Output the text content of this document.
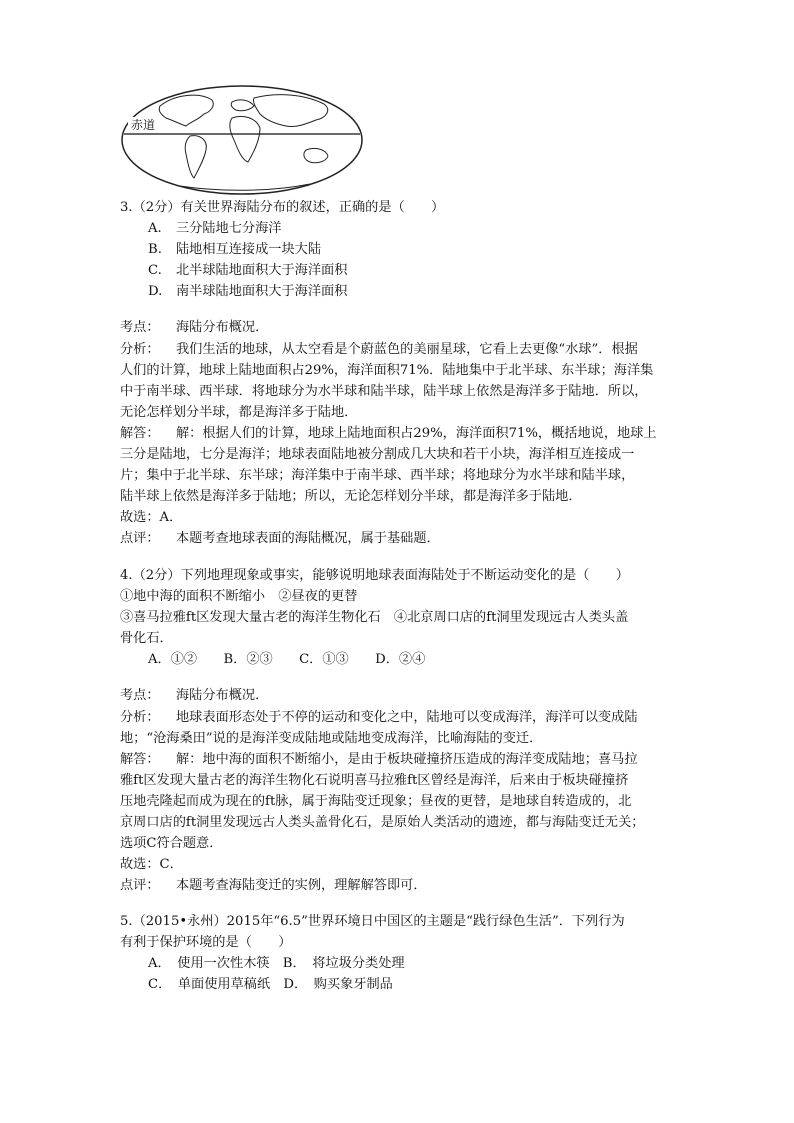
赤道
3.（2分）有关世界海陆分布的叙述，正确的是（　　）
A. 三分陆地七分海洋
B. 陆地相互连接成一块大陆
C. 北半球陆地面积大于海洋面积
D. 南半球陆地面积大于海洋面积
考点： 海陆分布概况．
分析： 我们生活的地球，从太空看是个蔚蓝色的美丽星球，它看上去更像“水球”．根据
人们的计算，地球上陆地面积占29%，海洋面积71%．陆地集中于北半球、东半球；海洋集
中于南半球、西半球．将地球分为水半球和陆半球，陆半球上依然是海洋多于陆地．所以，
无论怎样划分半球，都是海洋多于陆地．
解答： 解：根据人们的计算，地球上陆地面积占29%，海洋面积71%，概括地说，地球上
三分是陆地，七分是海洋；地球表面陆地被分割成几大块和若干小块，海洋相互连接成一
片；集中于北半球、东半球；海洋集中于南半球、西半球；将地球分为水半球和陆半球，
陆半球上依然是海洋多于陆地；所以，无论怎样划分半球，都是海洋多于陆地．
故选：A．
点评： 本题考查地球表面的海陆概况，属于基础题．
4.（2分）下列地理现象或事实，能够说明地球表面海陆处于不断运动变化的是（　　）
①地中海的面积不断缩小　②昼夜的更替
③喜马拉雅ft区发现大量古老的海洋生物化石　④北京周口店的ft洞里发现远古人类头盖
骨化石．
A．①②　　B．②③　　C．①③　　D．②④
考点： 海陆分布概况．
分析： 地球表面形态处于不停的运动和变化之中，陆地可以变成海洋，海洋可以变成陆
地；“沧海桑田”说的是海洋变成陆地或陆地变成海洋，比喻海陆的变迁．
解答： 解：地中海的面积不断缩小，是由于板块碰撞挤压造成的海洋变成陆地；喜马拉
雅ft区发现大量古老的海洋生物化石说明喜马拉雅ft区曾经是海洋，后来由于板块碰撞挤
压地壳隆起而成为现在的ft脉，属于海陆变迁现象；昼夜的更替，是地球自转造成的，北
京周口店的ft洞里发现远古人类头盖骨化石，是原始人类活动的遗迹，都与海陆变迁无关；
选项C符合题意．
故选：C．
点评： 本题考查海陆变迁的实例，理解解答即可．
5.（2015•永州）2015年“6.5”世界环境日中国区的主题是“践行绿色生活”．下列行为
有利于保护环境的是（　　）
A．　使用一次性木筷　B．　将垃圾分类处理
C．　单面使用草稿纸　D．　购买象牙制品
